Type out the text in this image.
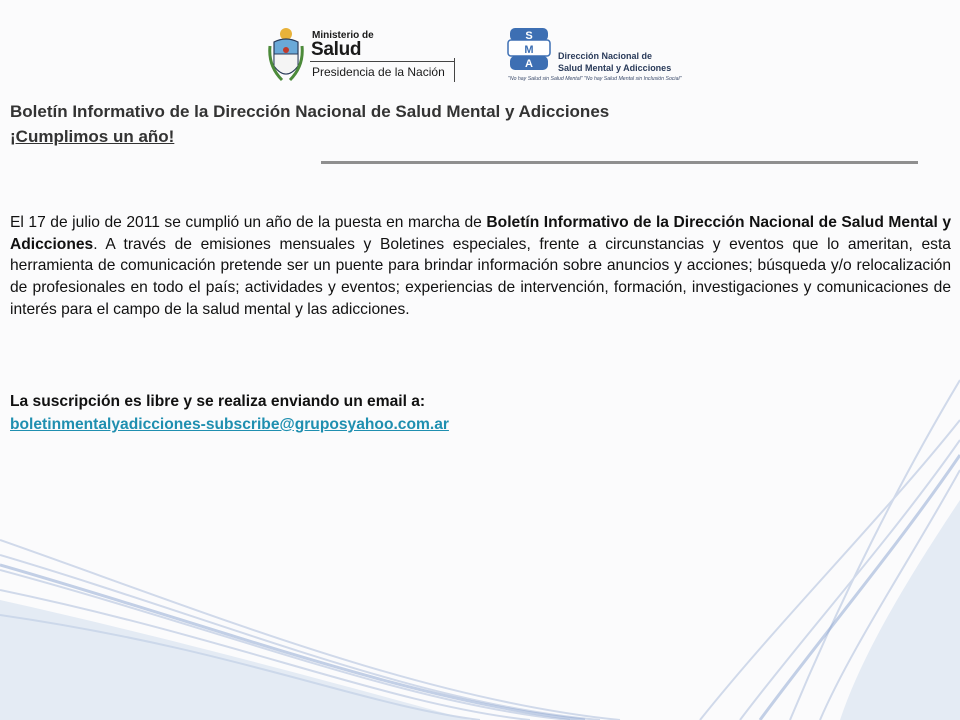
Ministerio de
Salud
Presidencia de la Nación
S
M
A
Dirección Nacional de
Salud Mental y Adicciones
"No hay Salud sin Salud Mental" "No hay Salud Mental sin Inclusión Social"
Boletín Informativo de la Dirección Nacional de Salud Mental y Adicciones
¡Cumplimos un año!

El 17 de julio de 2011 se cumplió un año de la puesta en marcha de Boletín Informativo de la Dirección Nacional de Salud Mental y Adicciones. A través de emisiones mensuales y Boletines especiales, frente a circunstancias y eventos que lo ameritan, esta herramienta de comunicación pretende ser un puente para brindar información sobre anuncios y acciones; búsqueda y/o relocalización de profesionales en todo el país; actividades y eventos; experiencias de intervención, formación, investigaciones y comunicaciones de interés para el campo de la salud mental y las adicciones.

La suscripción es libre y se realiza enviando un email a:
boletinmentalyadicciones-subscribe@gruposyahoo.com.ar
